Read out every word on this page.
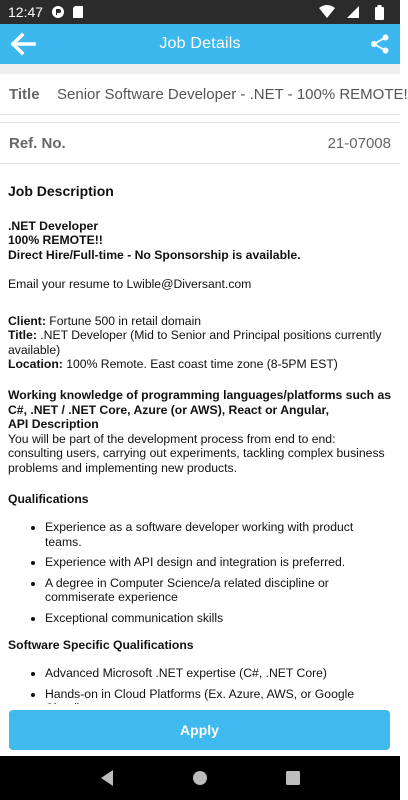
12:47
Job Details
Title	Senior Software Developer - .NET - 100% REMOTE!
Ref. No.	21-07008
Job Description

.NET Developer

100% REMOTE!!

Direct Hire/Full-time - No Sponsorship is available.

Email your resume to Lwible@Diversant.com

Client: Fortune 500 in retail domain

Title: .NET Developer (Mid to Senior and Principal positions currently available)

Location: 100% Remote. East coast time zone (8-5PM EST)

Working knowledge of programming languages/platforms such as C#, .NET / .NET Core, Azure (or AWS), React or Angular,

API Description

You will be part of the development process from end to end: consulting users, carrying out experiments, tackling complex business problems and implementing new products.

Qualifications

• Experience as a software developer working with product teams.
• Experience with API design and integration is preferred.
• A degree in Computer Science/a related discipline or commiserate experience
• Exceptional communication skills

Software Specific Qualifications

• Advanced Microsoft .NET expertise (C#, .NET Core)
• Hands-on in Cloud Platforms (Ex. Azure, AWS, or Google
Apply
